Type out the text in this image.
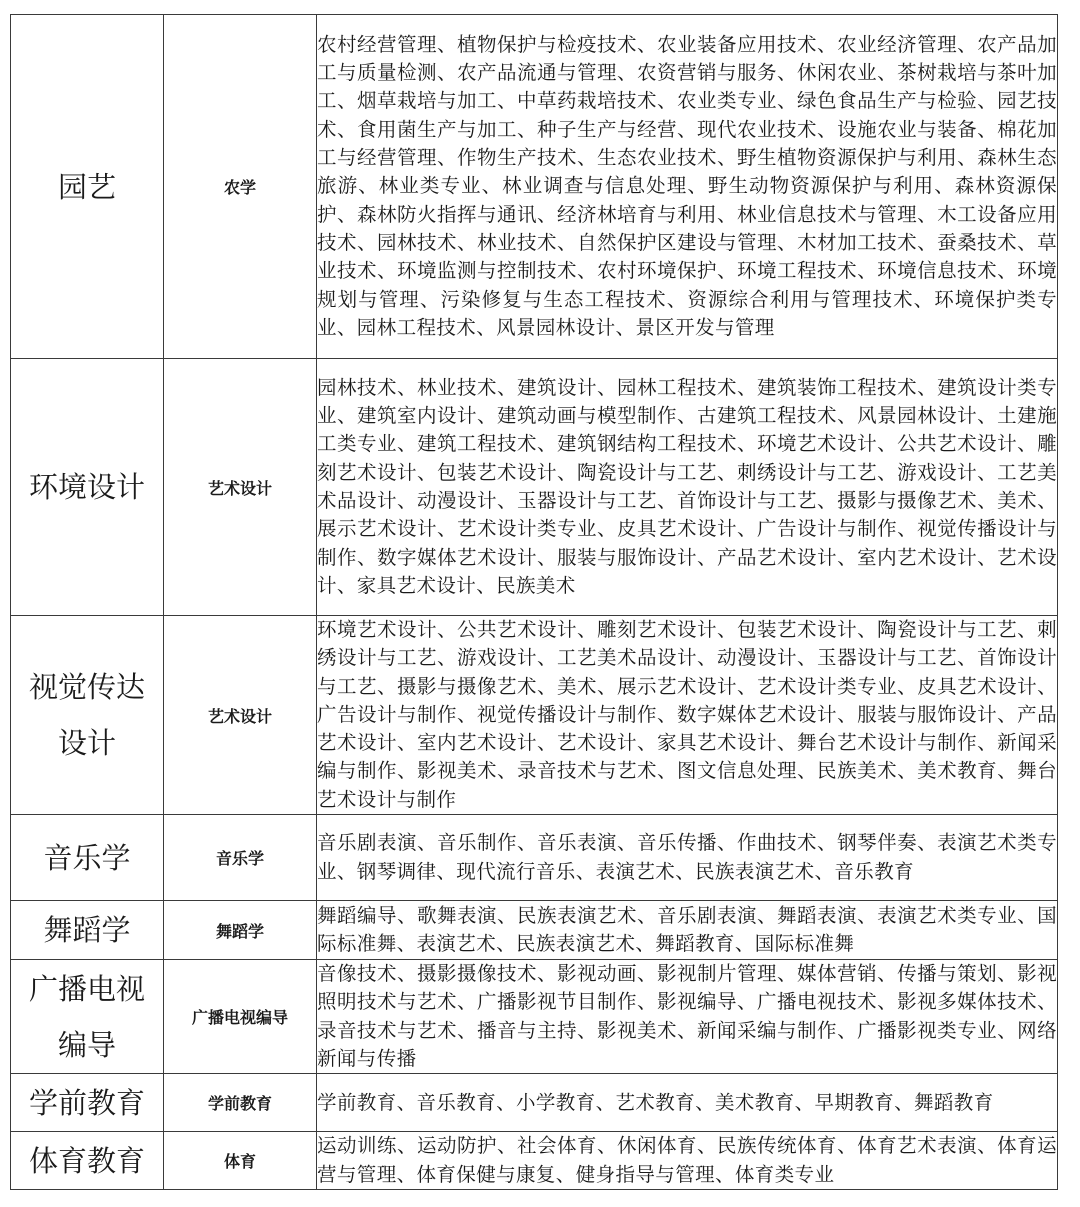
园艺	农学	农村经营管理、植物保护与检疫技术、农业装备应用技术、农业经济管理、农产品加工与质量检测、农产品流通与管理、农资营销与服务、休闲农业、茶树栽培与茶叶加工、烟草栽培与加工、中草药栽培技术、农业类专业、绿色食品生产与检验、园艺技术、食用菌生产与加工、种子生产与经营、现代农业技术、设施农业与装备、棉花加工与经营管理、作物生产技术、生态农业技术、野生植物资源保护与利用、森林生态旅游、林业类专业、林业调查与信息处理、野生动物资源保护与利用、森林资源保护、森林防火指挥与通讯、经济林培育与利用、林业信息技术与管理、木工设备应用技术、园林技术、林业技术、自然保护区建设与管理、木材加工技术、蚕桑技术、草业技术、环境监测与控制技术、农村环境保护、环境工程技术、环境信息技术、环境规划与管理、污染修复与生态工程技术、资源综合利用与管理技术、环境保护类专业、园林工程技术、风景园林设计、景区开发与管理
环境设计	艺术设计	园林技术、林业技术、建筑设计、园林工程技术、建筑装饰工程技术、建筑设计类专业、建筑室内设计、建筑动画与模型制作、古建筑工程技术、风景园林设计、土建施工类专业、建筑工程技术、建筑钢结构工程技术、环境艺术设计、公共艺术设计、雕刻艺术设计、包装艺术设计、陶瓷设计与工艺、刺绣设计与工艺、游戏设计、工艺美术品设计、动漫设计、玉器设计与工艺、首饰设计与工艺、摄影与摄像艺术、美术、展示艺术设计、艺术设计类专业、皮具艺术设计、广告设计与制作、视觉传播设计与制作、数字媒体艺术设计、服装与服饰设计、产品艺术设计、室内艺术设计、艺术设计、家具艺术设计、民族美术
视觉传达设计	艺术设计	环境艺术设计、公共艺术设计、雕刻艺术设计、包装艺术设计、陶瓷设计与工艺、刺绣设计与工艺、游戏设计、工艺美术品设计、动漫设计、玉器设计与工艺、首饰设计与工艺、摄影与摄像艺术、美术、展示艺术设计、艺术设计类专业、皮具艺术设计、广告设计与制作、视觉传播设计与制作、数字媒体艺术设计、服装与服饰设计、产品艺术设计、室内艺术设计、艺术设计、家具艺术设计、舞台艺术设计与制作、新闻采编与制作、影视美术、录音技术与艺术、图文信息处理、民族美术、美术教育、舞台艺术设计与制作
音乐学	音乐学	音乐剧表演、音乐制作、音乐表演、音乐传播、作曲技术、钢琴伴奏、表演艺术类专业、钢琴调律、现代流行音乐、表演艺术、民族表演艺术、音乐教育
舞蹈学	舞蹈学	舞蹈编导、歌舞表演、民族表演艺术、音乐剧表演、舞蹈表演、表演艺术类专业、国际标准舞、表演艺术、民族表演艺术、舞蹈教育、国际标准舞
广播电视编导	广播电视编导	音像技术、摄影摄像技术、影视动画、影视制片管理、媒体营销、传播与策划、影视照明技术与艺术、广播影视节目制作、影视编导、广播电视技术、影视多媒体技术、录音技术与艺术、播音与主持、影视美术、新闻采编与制作、广播影视类专业、网络新闻与传播
学前教育	学前教育	学前教育、音乐教育、小学教育、艺术教育、美术教育、早期教育、舞蹈教育
体育教育	体育	运动训练、运动防护、社会体育、休闲体育、民族传统体育、体育艺术表演、体育运营与管理、体育保健与康复、健身指导与管理、体育类专业
